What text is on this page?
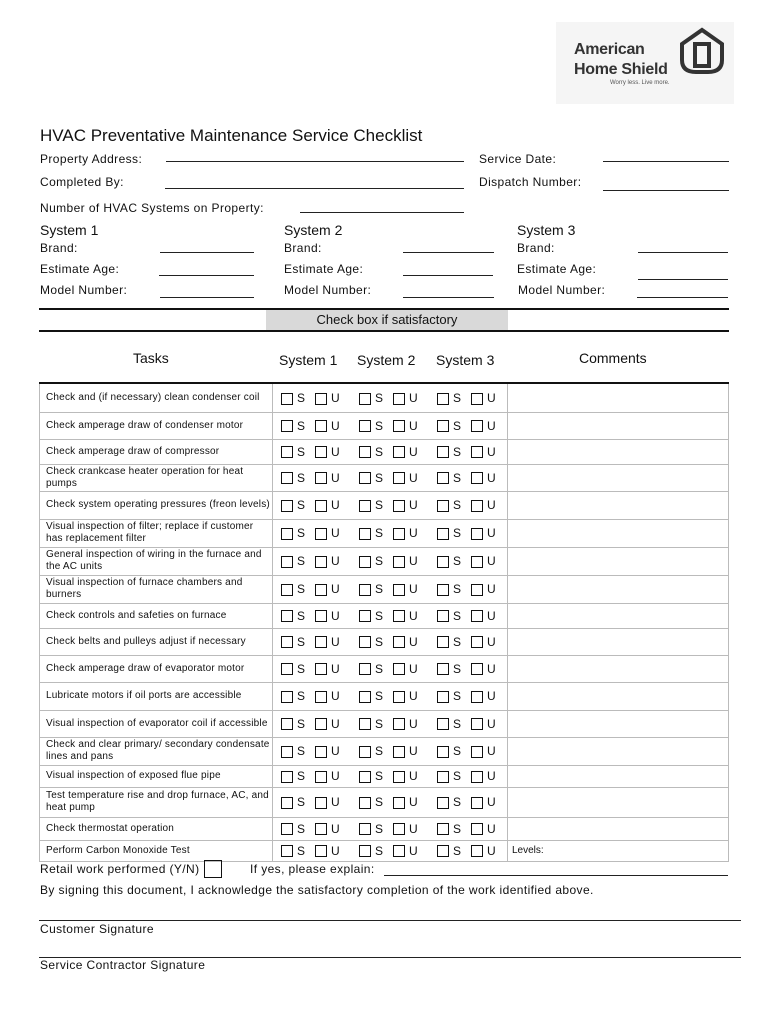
American
Home Shield
Worry less. Live more.
HVAC Preventative Maintenance Service Checklist
Property Address:	Service Date:
Completed By:	Dispatch Number:
Number of HVAC Systems on Property:
System 1
Brand:
Estimate Age:
Model Number:
System 2
Brand:
Estimate Age:
Model Number:
System 3
Brand:
Estimate Age:
Model Number:
Check box if satisfactory
Tasks	System 1 System 2 System 3	Comments
Check and (if necessary) clean condenser coil	S U	S U	S U	
Check amperage draw of condenser motor	S U	S U	S U	
Check amperage draw of compressor	S U	S U	S U	
Check crankcase heater operation for heat pumps	S U	S U	S U	
Check system operating pressures (freon levels)	S U	S U	S U	
Visual inspection of filter; replace if customer has replacement filter	S U	S U	S U	
General inspection of wiring in the furnace and the AC units	S U	S U	S U	
Visual inspection of furnace chambers and burners	S U	S U	S U	
Check controls and safeties on furnace	S U	S U	S U	
Check belts and pulleys adjust if necessary	S U	S U	S U	
Check amperage draw of evaporator motor	S U	S U	S U	
Lubricate motors if oil ports are accessible	S U	S U	S U	
Visual inspection of evaporator coil if accessible	S U	S U	S U	
Check and clear primary/ secondary condensate lines and pans	S U	S U	S U	
Visual inspection of exposed flue pipe	S U	S U	S U	
Test temperature rise and drop furnace, AC, and heat pump	S U	S U	S U	
Check thermostat operation	S U	S U	S U	
Perform Carbon Monoxide Test	S U	S U	S U	Levels:
Retail work performed (Y/N)	If yes, please explain:
By signing this document, I acknowledge the satisfactory completion of the work identified above.
Customer Signature
Service Contractor Signature
